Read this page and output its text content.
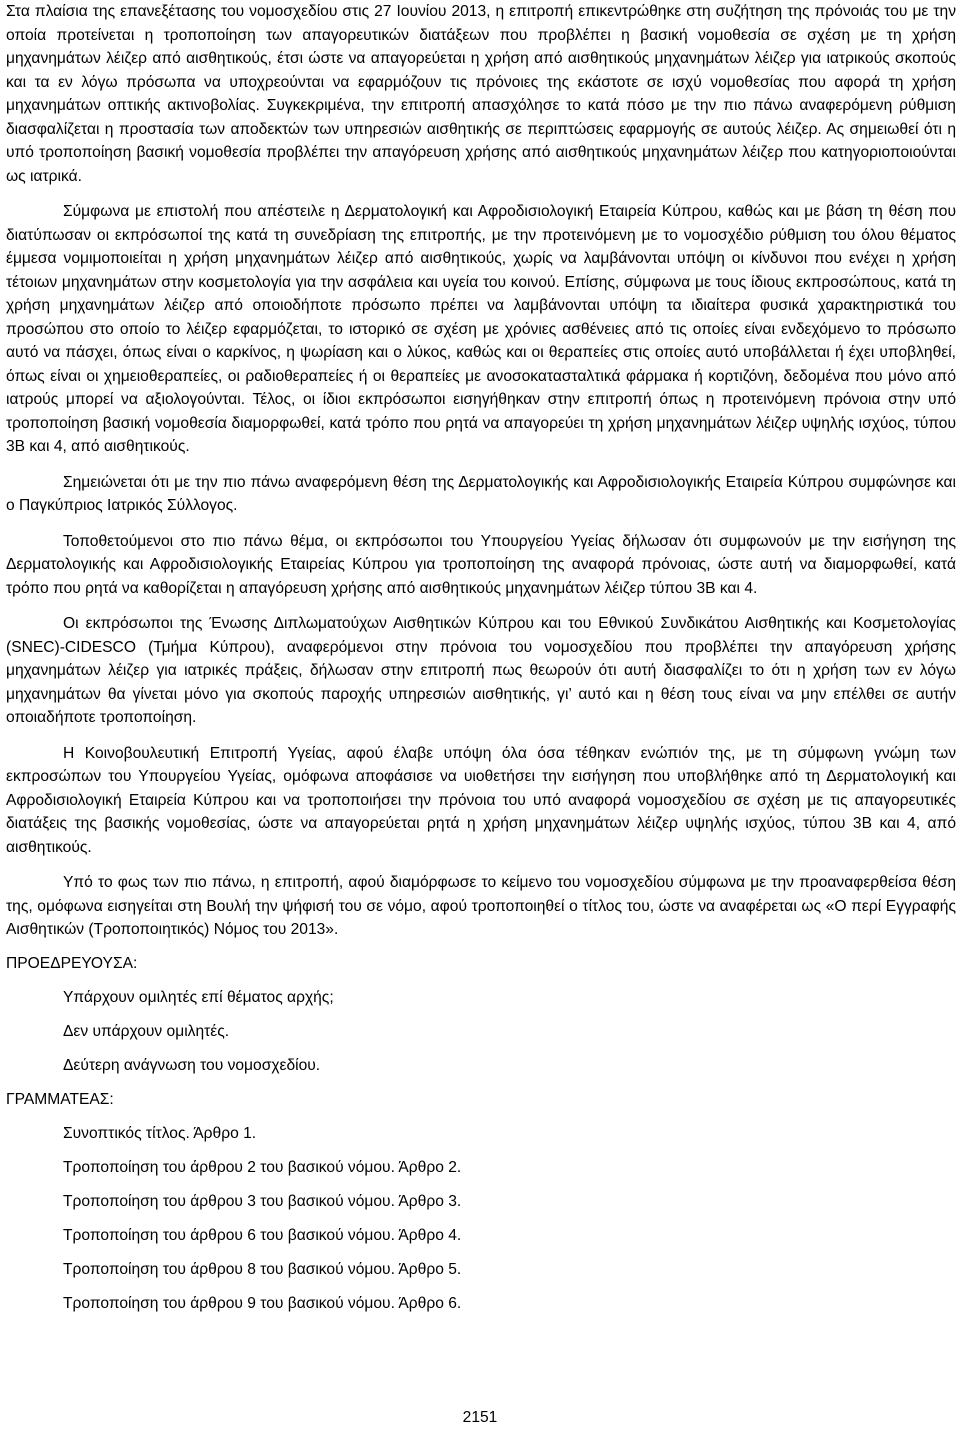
Στα πλαίσια της επανεξέτασης του νομοσχεδίου στις 27 Ιουνίου 2013, η επιτροπή επικεντρώθηκε στη συζήτηση της πρόνοιάς του με την οποία προτείνεται η τροποποίηση των απαγορευτικών διατάξεων που προβλέπει η βασική νομοθεσία σε σχέση με τη χρήση μηχανημάτων λέιζερ από αισθητικούς, έτσι ώστε να απαγορεύεται η χρήση από αισθητικούς μηχανημάτων λέιζερ για ιατρικούς σκοπούς και τα εν λόγω πρόσωπα να υποχρεούνται να εφαρμόζουν τις πρόνοιες της εκάστοτε σε ισχύ νομοθεσίας που αφορά τη χρήση μηχανημάτων οπτικής ακτινοβολίας. Συγκεκριμένα, την επιτροπή απασχόλησε το κατά πόσο με την πιο πάνω αναφερόμενη ρύθμιση διασφαλίζεται η προστασία των αποδεκτών των υπηρεσιών αισθητικής σε περιπτώσεις εφαρμογής σε αυτούς λέιζερ. Ας σημειωθεί ότι η υπό τροποποίηση βασική νομοθεσία προβλέπει την απαγόρευση χρήσης από αισθητικούς μηχανημάτων λέιζερ που κατηγοριοποιούνται ως ιατρικά.

Σύμφωνα με επιστολή που απέστειλε η Δερματολογική και Αφροδισιολογική Εταιρεία Κύπρου, καθώς και με βάση τη θέση που διατύπωσαν οι εκπρόσωποί της κατά τη συνεδρίαση της επιτροπής, με την προτεινόμενη με το νομοσχέδιο ρύθμιση του όλου θέματος έμμεσα νομιμοποιείται η χρήση μηχανημάτων λέιζερ από αισθητικούς, χωρίς να λαμβάνονται υπόψη οι κίνδυνοι που ενέχει η χρήση τέτοιων μηχανημάτων στην κοσμετολογία για την ασφάλεια και υγεία του κοινού. Επίσης, σύμφωνα με τους ίδιους εκπροσώπους, κατά τη χρήση μηχανημάτων λέιζερ από οποιοδήποτε πρόσωπο πρέπει να λαμβάνονται υπόψη τα ιδιαίτερα φυσικά χαρακτηριστικά του προσώπου στο οποίο το λέιζερ εφαρμόζεται, το ιστορικό σε σχέση με χρόνιες ασθένειες από τις οποίες είναι ενδεχόμενο το πρόσωπο αυτό να πάσχει, όπως είναι ο καρκίνος, η ψωρίαση και ο λύκος, καθώς και οι θεραπείες στις οποίες αυτό υποβάλλεται ή έχει υποβληθεί, όπως είναι οι χημειοθεραπείες, οι ραδιοθεραπείες ή οι θεραπείες με ανοσοκατασταλτικά φάρμακα ή κορτιζόνη, δεδομένα που μόνο από ιατρούς μπορεί να αξιολογούνται. Τέλος, οι ίδιοι εκπρόσωποι εισηγήθηκαν στην επιτροπή όπως η προτεινόμενη πρόνοια στην υπό τροποποίηση βασική νομοθεσία διαμορφωθεί, κατά τρόπο που ρητά να απαγορεύει τη χρήση μηχανημάτων λέιζερ υψηλής ισχύος, τύπου 3Β και 4, από αισθητικούς.

Σημειώνεται ότι με την πιο πάνω αναφερόμενη θέση της Δερματολογικής και Αφροδισιολογικής Εταιρεία Κύπρου συμφώνησε και ο Παγκύπριος Ιατρικός Σύλλογος.

Τοποθετούμενοι στο πιο πάνω θέμα, οι εκπρόσωποι του Υπουργείου Υγείας δήλωσαν ότι συμφωνούν με την εισήγηση της Δερματολογικής και Αφροδισιολογικής Εταιρείας Κύπρου για τροποποίηση της αναφορά πρόνοιας, ώστε αυτή να διαμορφωθεί, κατά τρόπο που ρητά να καθορίζεται η απαγόρευση χρήσης από αισθητικούς μηχανημάτων λέιζερ τύπου 3Β και 4.

Οι εκπρόσωποι της Ένωσης Διπλωματούχων Αισθητικών Κύπρου και του Εθνικού Συνδικάτου Αισθητικής και Κοσμετολογίας (SNEC)-CIDESCO (Τμήμα Κύπρου), αναφερόμενοι στην πρόνοια του νομοσχεδίου που προβλέπει την απαγόρευση χρήσης μηχανημάτων λέιζερ για ιατρικές πράξεις, δήλωσαν στην επιτροπή πως θεωρούν ότι αυτή διασφαλίζει το ότι η χρήση των εν λόγω μηχανημάτων θα γίνεται μόνο για σκοπούς παροχής υπηρεσιών αισθητικής, γι’ αυτό και η θέση τους είναι να μην επέλθει σε αυτήν οποιαδήποτε τροποποίηση.

Η Κοινοβουλευτική Επιτροπή Υγείας, αφού έλαβε υπόψη όλα όσα τέθηκαν ενώπιόν της, με τη σύμφωνη γνώμη των εκπροσώπων του Υπουργείου Υγείας, ομόφωνα αποφάσισε να υιοθετήσει την εισήγηση που υποβλήθηκε από τη Δερματολογική και Αφροδισιολογική Εταιρεία Κύπρου και να τροποποιήσει την πρόνοια του υπό αναφορά νομοσχεδίου σε σχέση με τις απαγορευτικές διατάξεις της βασικής νομοθεσίας, ώστε να απαγορεύεται ρητά η χρήση μηχανημάτων λέιζερ υψηλής ισχύος, τύπου 3Β και 4, από αισθητικούς.

Υπό το φως των πιο πάνω, η επιτροπή, αφού διαμόρφωσε το κείμενο του νομοσχεδίου σύμφωνα με την προαναφερθείσα θέση της, ομόφωνα εισηγείται στη Βουλή την ψήφισή του σε νόμο, αφού τροποποιηθεί ο τίτλος του, ώστε να αναφέρεται ως «Ο περί Εγγραφής Αισθητικών (Τροποποιητικός) Νόμος του 2013».

ΠΡΟΕΔΡΕΥΟΥΣΑ:

Υπάρχουν ομιλητές επί θέματος αρχής;

Δεν υπάρχουν ομιλητές.

Δεύτερη ανάγνωση του νομοσχεδίου.

ΓΡΑΜΜΑΤΕΑΣ:

Συνοπτικός τίτλος. Άρθρο 1.

Τροποποίηση του άρθρου 2 του βασικού νόμου. Άρθρο 2.

Τροποποίηση του άρθρου 3 του βασικού νόμου. Άρθρο 3.

Τροποποίηση του άρθρου 6 του βασικού νόμου. Άρθρο 4.

Τροποποίηση του άρθρου 8 του βασικού νόμου. Άρθρο 5.

Τροποποίηση του άρθρου 9 του βασικού νόμου. Άρθρο 6.

2151
